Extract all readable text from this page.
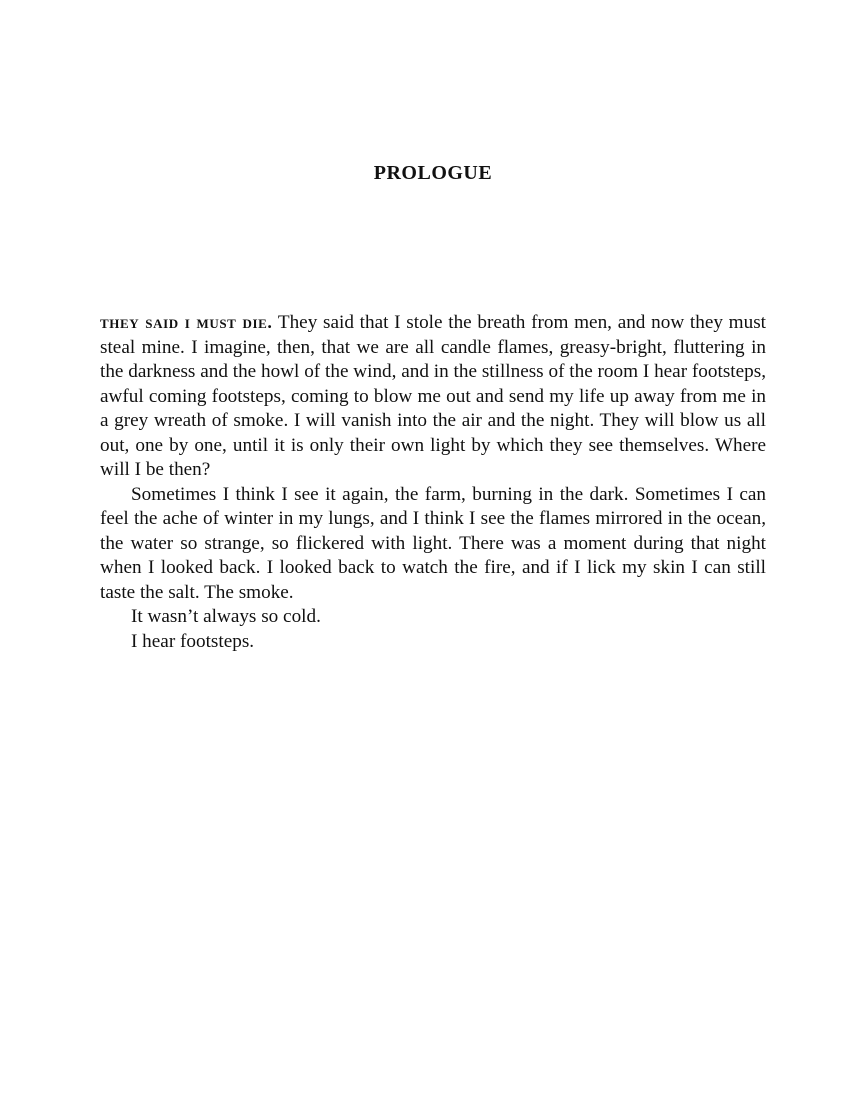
PROLOGUE

they said i must die. They said that I stole the breath from men, and now they must steal mine. I imagine, then, that we are all candle flames, greasy-bright, fluttering in the darkness and the howl of the wind, and in the stillness of the room I hear footsteps, awful coming footsteps, coming to blow me out and send my life up away from me in a grey wreath of smoke. I will vanish into the air and the night. They will blow us all out, one by one, until it is only their own light by which they see themselves. Where will I be then?

Sometimes I think I see it again, the farm, burning in the dark. Sometimes I can feel the ache of winter in my lungs, and I think I see the flames mirrored in the ocean, the water so strange, so flickered with light. There was a moment during that night when I looked back. I looked back to watch the fire, and if I lick my skin I can still taste the salt. The smoke.

It wasn’t always so cold.

I hear footsteps.
